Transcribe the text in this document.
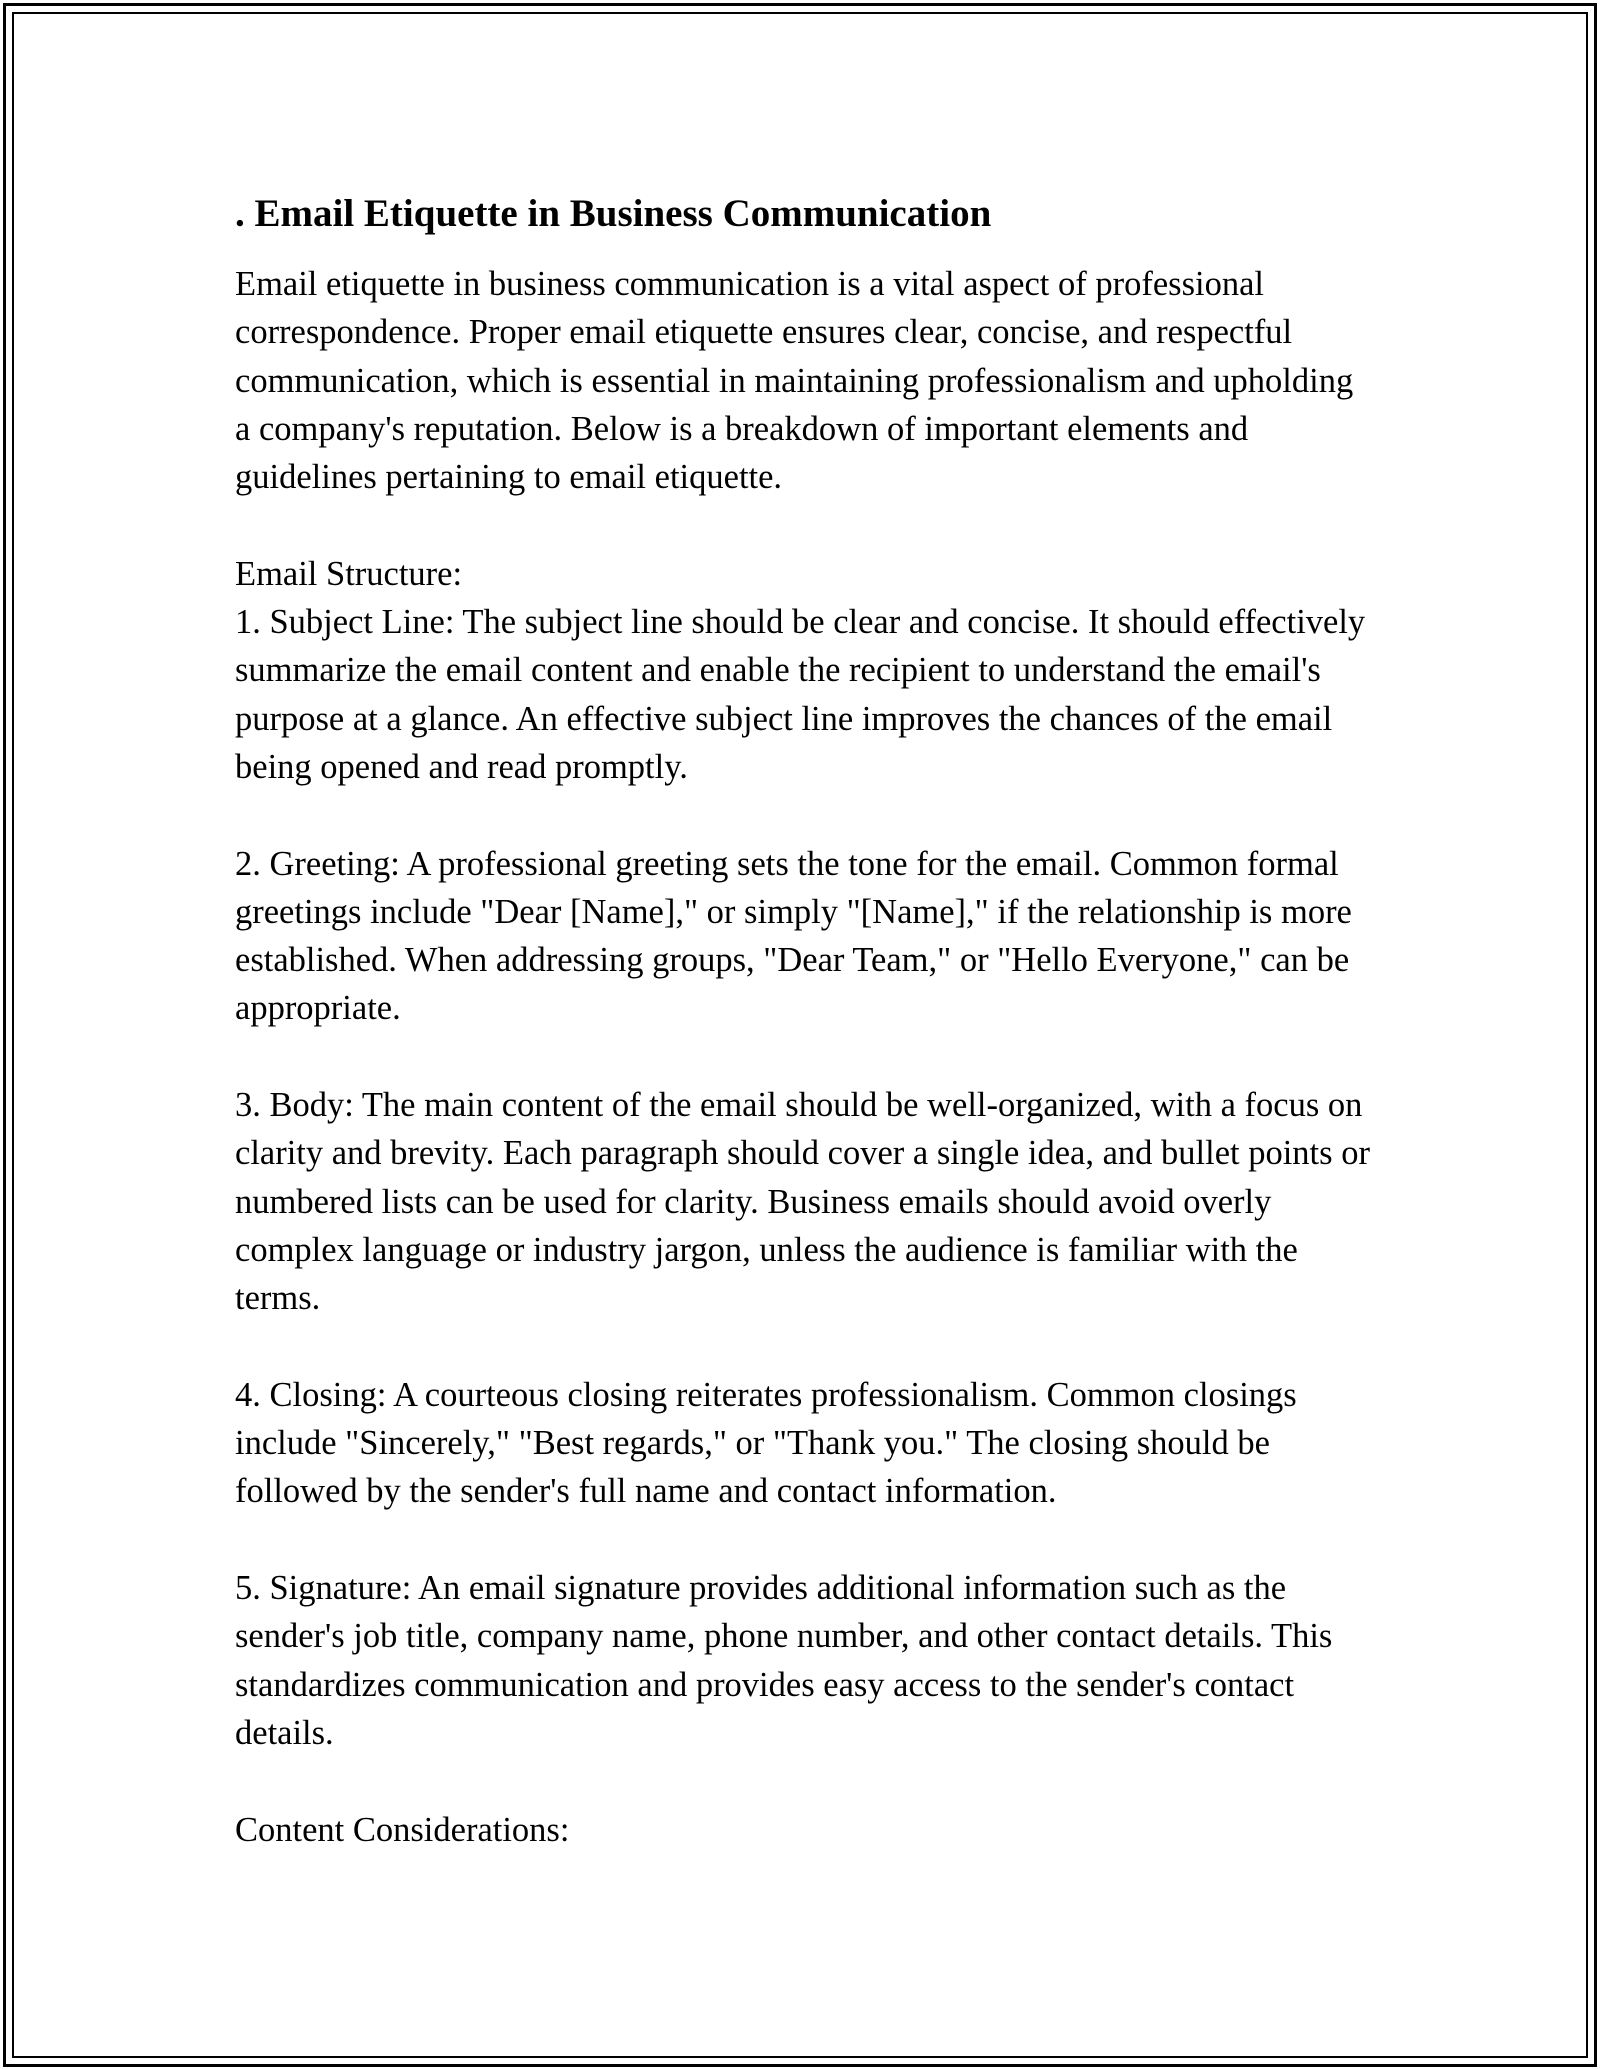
. Email Etiquette in Business Communication

Email etiquette in business communication is a vital aspect of professional correspondence. Proper email etiquette ensures clear, concise, and respectful communication, which is essential in maintaining professionalism and upholding a company's reputation. Below is a breakdown of important elements and guidelines pertaining to email etiquette.

Email Structure:

1. Subject Line: The subject line should be clear and concise. It should effectively summarize the email content and enable the recipient to understand the email's purpose at a glance. An effective subject line improves the chances of the email being opened and read promptly.

2. Greeting: A professional greeting sets the tone for the email. Common formal greetings include "Dear [Name]," or simply "[Name]," if the relationship is more established. When addressing groups, "Dear Team," or "Hello Everyone," can be appropriate.

3. Body: The main content of the email should be well-organized, with a focus on clarity and brevity. Each paragraph should cover a single idea, and bullet points or numbered lists can be used for clarity. Business emails should avoid overly complex language or industry jargon, unless the audience is familiar with the terms.

4. Closing: A courteous closing reiterates professionalism. Common closings include "Sincerely," "Best regards," or "Thank you." The closing should be followed by the sender's full name and contact information.

5. Signature: An email signature provides additional information such as the sender's job title, company name, phone number, and other contact details. This standardizes communication and provides easy access to the sender's contact details.

Content Considerations:
